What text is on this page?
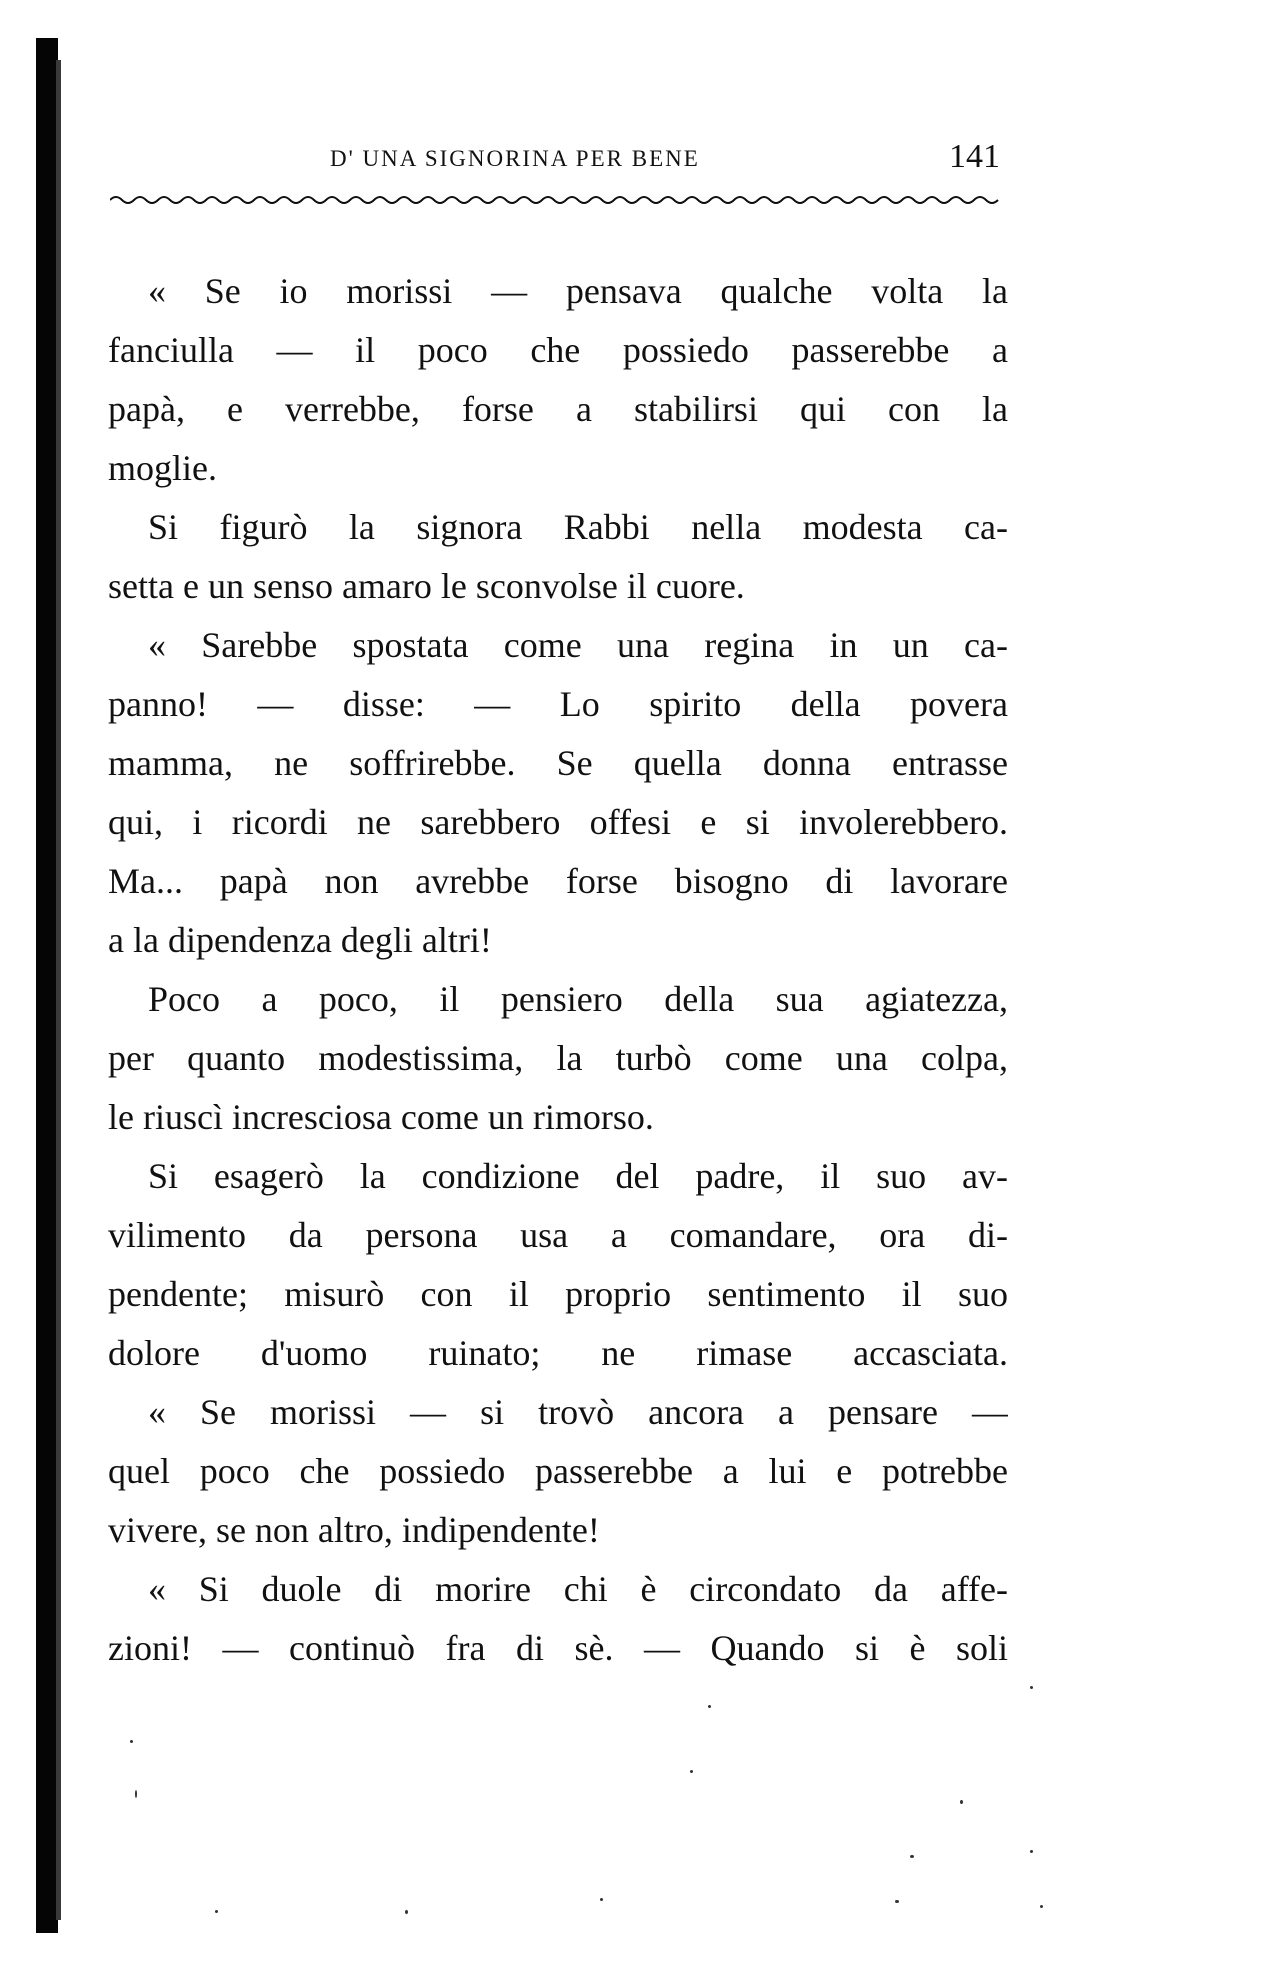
D' UNA SIGNORINA PER BENE	141
« Se io morissi — pensava qualche volta la
fanciulla — il poco che possiedo passerebbe a
papà, e verrebbe, forse a stabilirsi qui con la
moglie.
Si figurò la signora Rabbi nella modesta ca-
setta e un senso amaro le sconvolse il cuore.
« Sarebbe spostata come una regina in un ca-
panno! — disse: — Lo spirito della povera
mamma, ne soffrirebbe. Se quella donna entrasse
qui, i ricordi ne sarebbero offesi e si involerebbero.
Ma... papà non avrebbe forse bisogno di lavorare
a la dipendenza degli altri!
Poco a poco, il pensiero della sua agiatezza,
per quanto modestissima, la turbò come una colpa,
le riuscì incresciosa come un rimorso.
Si esagerò la condizione del padre, il suo av-
vilimento da persona usa a comandare, ora di-
pendente; misurò con il proprio sentimento il suo
dolore d'uomo ruinato; ne rimase accasciata.
« Se morissi — si trovò ancora a pensare —
quel poco che possiedo passerebbe a lui e potrebbe
vivere, se non altro, indipendente!
« Si duole di morire chi è circondato da affe-
zioni! — continuò fra di sè. — Quando si è soli
